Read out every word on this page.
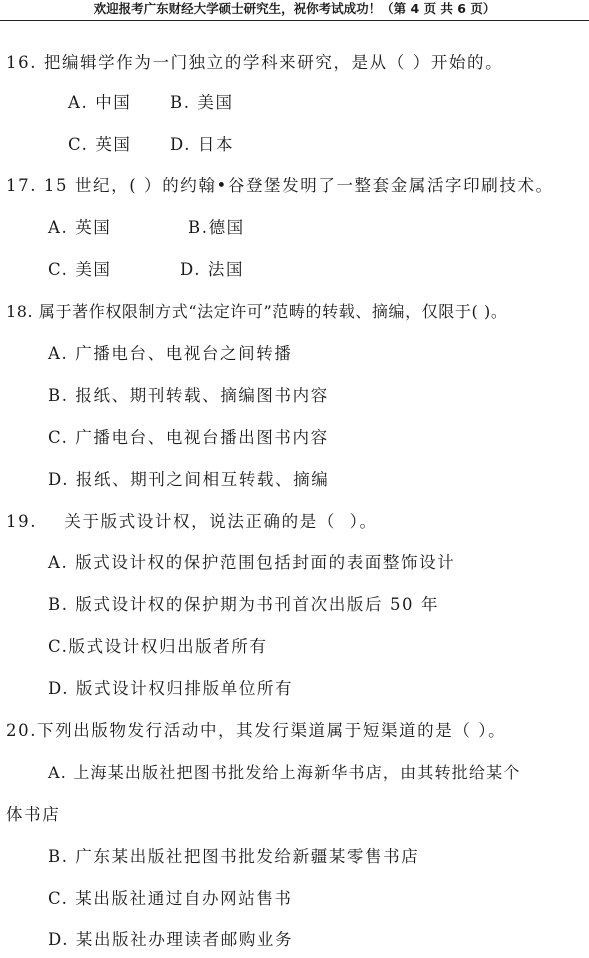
欢迎报考广东财经大学硕士研究生，祝你考试成功！（第 4 页 共 6 页）
16. 把编辑学作为一门独立的学科来研究，是从（ ）开始的。
A. 中国 B. 美国
C. 英国 D. 日本
17. 15 世纪，( ）的约翰•谷登堡发明了一整套金属活字印刷技术。
A. 英国	B.德国
C. 美国	D. 法国
18. 属于著作权限制方式“法定许可”范畴的转载、摘编，仅限于( )。
A. 广播电台、电视台之间转播
B. 报纸、期刊转载、摘编图书内容
C. 广播电台、电视台播出图书内容
D. 报纸、期刊之间相互转载、摘编
19.    关于版式设计权，说法正确的是（  ）。
A. 版式设计权的保护范围包括封面的表面整饰设计
B. 版式设计权的保护期为书刊首次出版后 50 年
C.版式设计权归出版者所有
D. 版式设计权归排版单位所有
20.下列出版物发行活动中，其发行渠道属于短渠道的是（ ）。
A. 上海某出版社把图书批发给上海新华书店，由其转批给某个
体书店
B. 广东某出版社把图书批发给新疆某零售书店
C. 某出版社通过自办网站售书
D. 某出版社办理读者邮购业务
